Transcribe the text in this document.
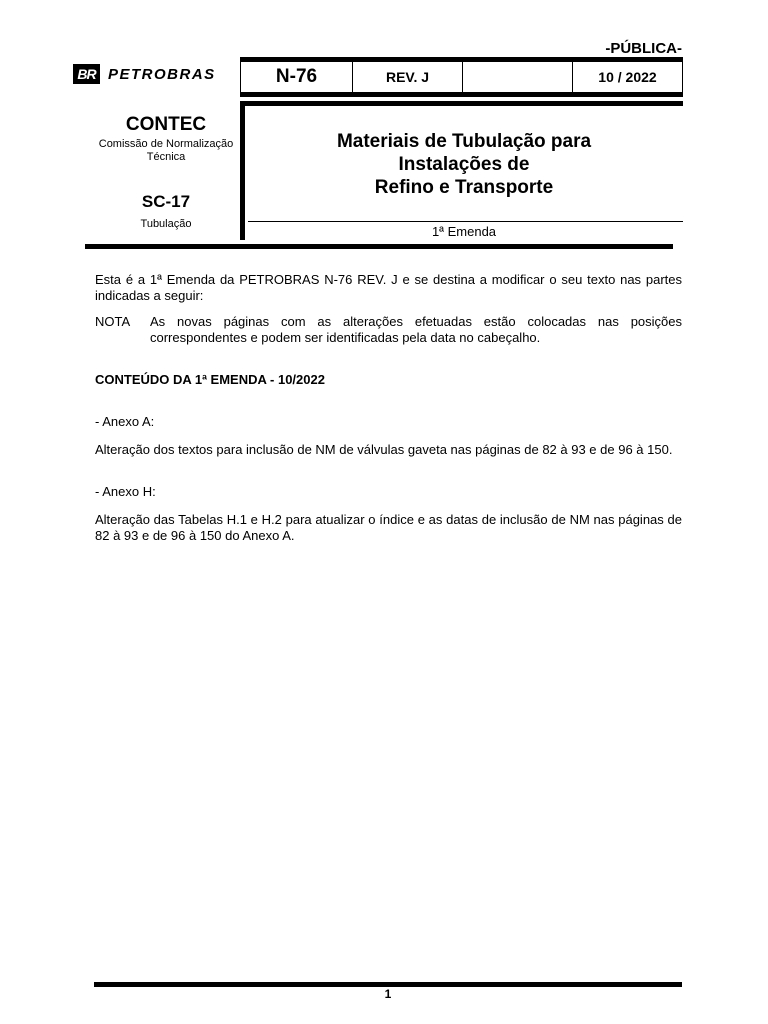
-PÚBLICA-
BR PETROBRAS	N-76	REV. J	10 / 2022
CONTEC
Comissão de Normalização Técnica
SC-17
Tubulação
Materiais de Tubulação para
Instalações de
Refino e Transporte
1ª Emenda
Esta é a 1ª Emenda da PETROBRAS N-76 REV. J e se destina a modificar o seu texto nas partes indicadas a seguir:
NOTA As novas páginas com as alterações efetuadas estão colocadas nas posições correspondentes e podem ser identificadas pela data no cabeçalho.
CONTEÚDO DA 1ª EMENDA - 10/2022
- Anexo A:
Alteração dos textos para inclusão de NM de válvulas gaveta nas páginas de 82 à 93 e de 96 à 150.
- Anexo H:
Alteração das Tabelas H.1 e H.2 para atualizar o índice e as datas de inclusão de NM nas páginas de 82 à 93 e de 96 à 150 do Anexo A.
1
